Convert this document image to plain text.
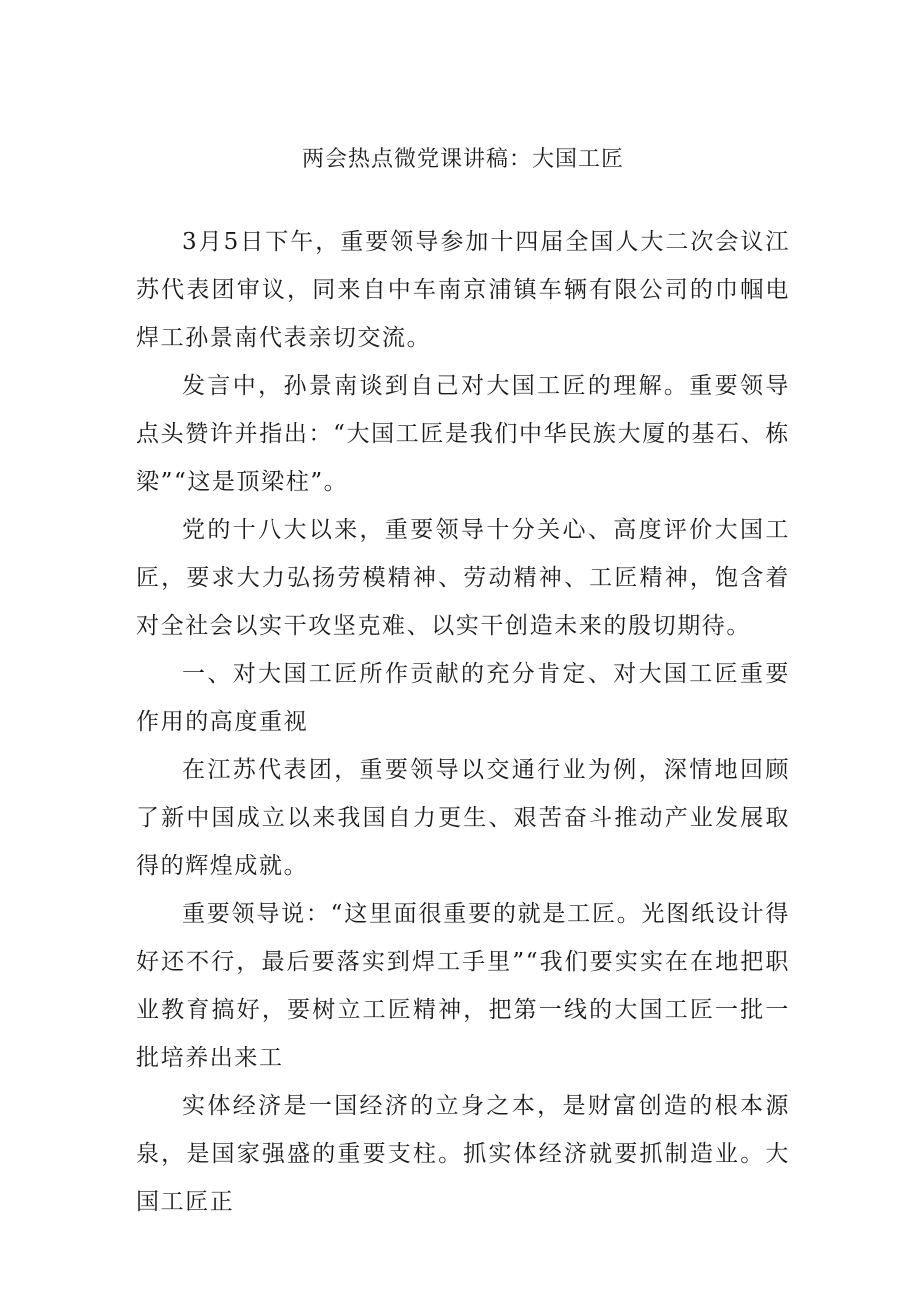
两会热点微党课讲稿：大国工匠

3月5日下午，重要领导参加十四届全国人大二次会议江苏代表团审议，同来自中车南京浦镇车辆有限公司的巾帼电焊工孙景南代表亲切交流。

发言中，孙景南谈到自己对大国工匠的理解。重要领导点头赞许并指出：“大国工匠是我们中华民族大厦的基石、栋梁”“这是顶梁柱”。

党的十八大以来，重要领导十分关心、高度评价大国工匠，要求大力弘扬劳模精神、劳动精神、工匠精神，饱含着对全社会以实干攻坚克难、以实干创造未来的殷切期待。

一、对大国工匠所作贡献的充分肯定、对大国工匠重要作用的高度重视

在江苏代表团，重要领导以交通行业为例，深情地回顾了新中国成立以来我国自力更生、艰苦奋斗推动产业发展取得的辉煌成就。

重要领导说：“这里面很重要的就是工匠。光图纸设计得好还不行，最后要落实到焊工手里”“我们要实实在在地把职业教育搞好，要树立工匠精神，把第一线的大国工匠一批一批培养出来工

实体经济是一国经济的立身之本，是财富创造的根本源泉，是国家强盛的重要支柱。抓实体经济就要抓制造业。大国工匠正
